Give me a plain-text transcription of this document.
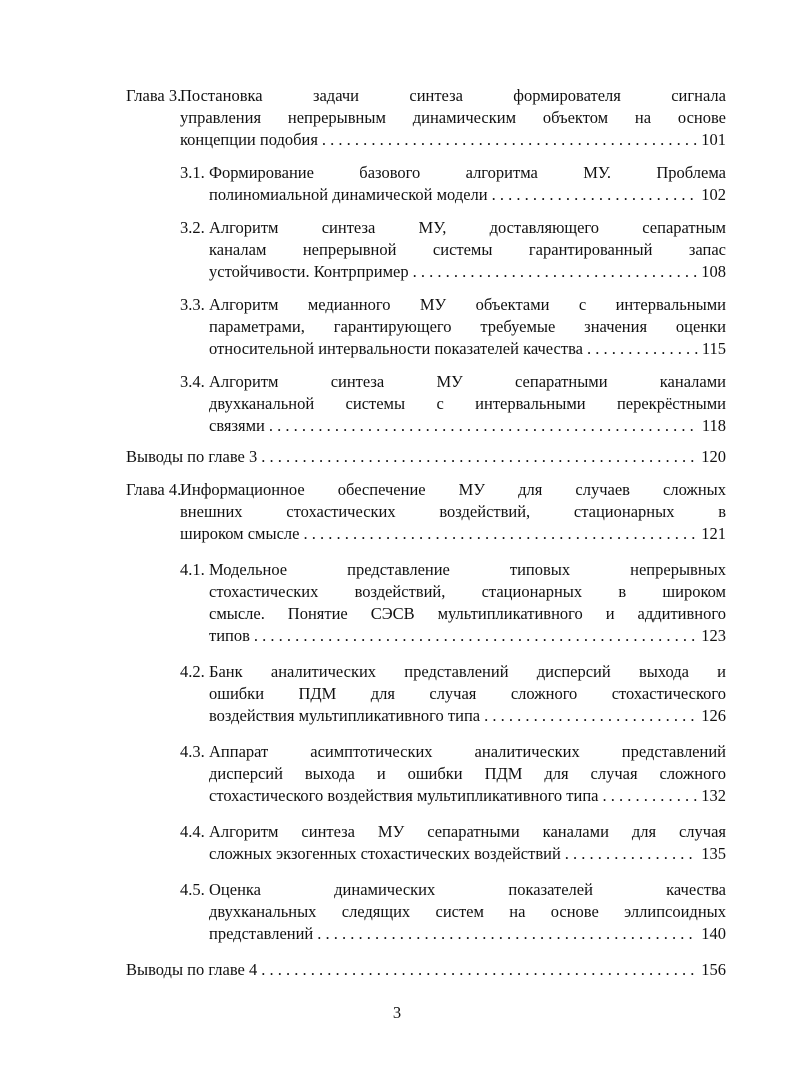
Глава 3.
Постановка задачи синтеза формирователя сигнала
управления непрерывным динамическим объектом на основе
концепции подобия . . .	101
3.1. Формирование базового алгоритма МУ. Проблема
полиномиальной динамической модели . . .	102
3.2. Алгоритм синтеза МУ, доставляющего сепаратным
каналам непрерывной системы гарантированный запас
устойчивости. Контрпример . . .	108
3.3. Алгоритм медианного МУ объектами с интервальными
параметрами, гарантирующего требуемые значения оценки
относительной интервальности показателей качества . . .	115
3.4. Алгоритм синтеза МУ сепаратными каналами
двухканальной системы с интервальными перекрёстными
связями . . .	118
Выводы по главе 3 . . .	120
Глава 4.
Информационное обеспечение МУ для случаев сложных
внешних стохастических воздействий, стационарных в
широком смысле . . .	121
4.1. Модельное представление типовых непрерывных
стохастических воздействий, стационарных в широком
смысле. Понятие СЭСВ мультипликативного и аддитивного
типов . . .	123
4.2. Банк аналитических представлений дисперсий выхода и
ошибки ПДМ для случая сложного стохастического
воздействия мультипликативного типа . . .	126
4.3. Аппарат асимптотических аналитических представлений
дисперсий выхода и ошибки ПДМ для случая сложного
стохастического воздействия мультипликативного типа . . .	132
4.4. Алгоритм синтеза МУ сепаратными каналами для случая
сложных экзогенных стохастических воздействий . . .	135
4.5. Оценка динамических показателей качества
двухканальных следящих систем на основе эллипсоидных
представлений . . .	140
Выводы по главе 4 . . .	156
3
